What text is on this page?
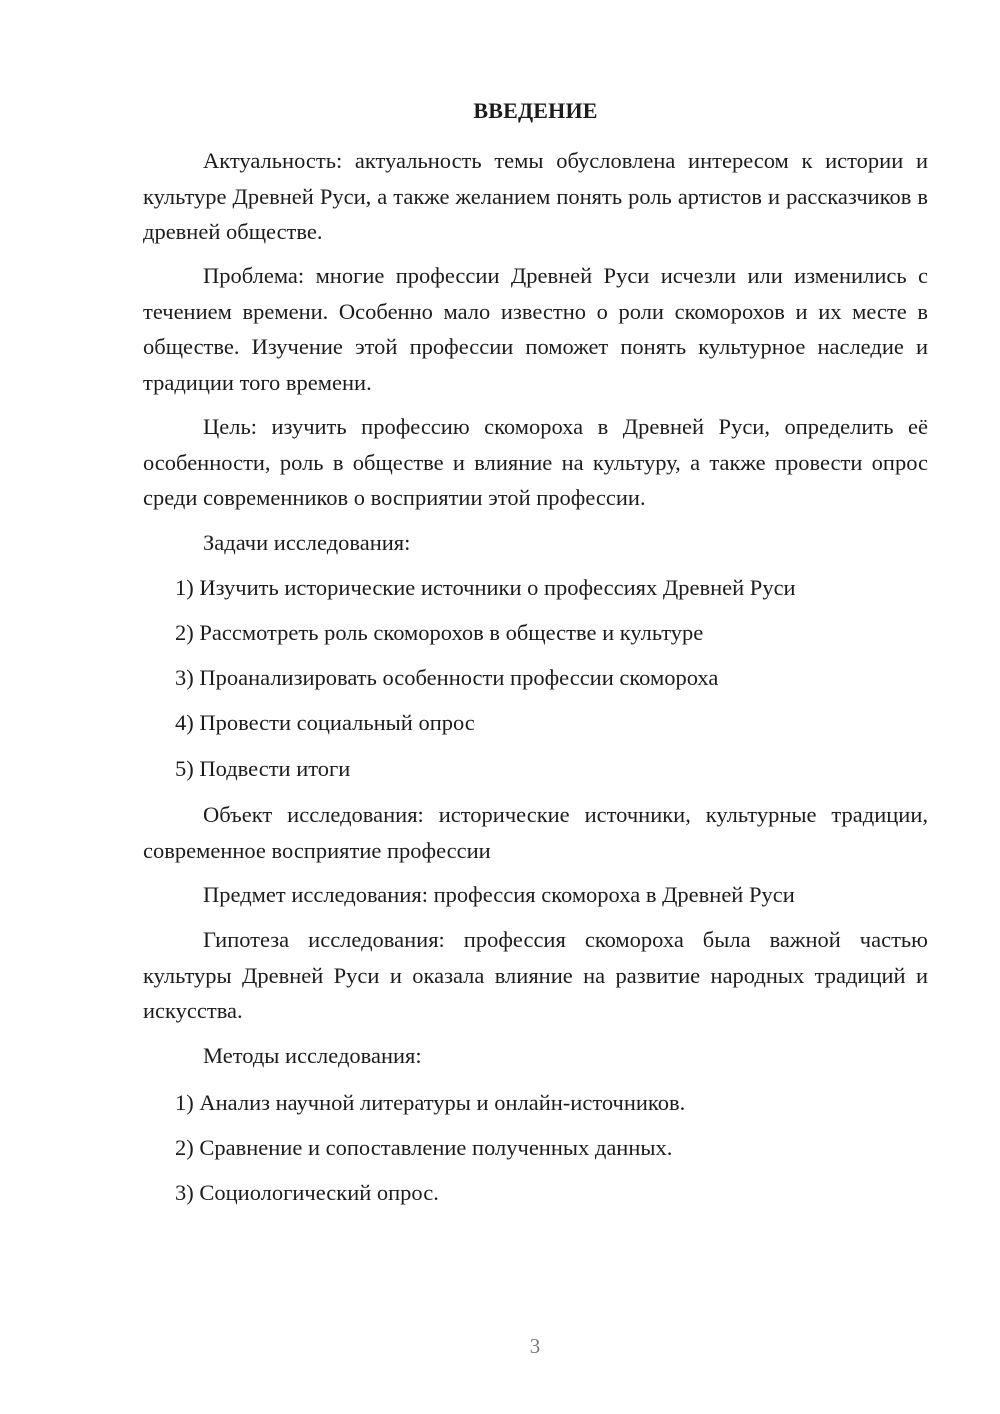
ВВЕДЕНИЕ

Актуальность: актуальность темы обусловлена интересом к истории и культуре Древней Руси, а также желанием понять роль артистов и рассказчиков в древней обществе.

Проблема: многие профессии Древней Руси исчезли или изменились с течением времени. Особенно мало известно о роли скоморохов и их месте в обществе. Изучение этой профессии поможет понять культурное наследие и традиции того времени.

Цель: изучить профессию скомороха в Древней Руси, определить её особенности, роль в обществе и влияние на культуру, а также провести опрос среди современников о восприятии этой профессии.

Задачи исследования:

1) Изучить исторические источники о профессиях Древней Руси

2) Рассмотреть роль скоморохов в обществе и культуре

3) Проанализировать особенности профессии скомороха

4) Провести социальный опрос

5) Подвести итоги

Объект исследования: исторические источники, культурные традиции, современное восприятие профессии

Предмет исследования: профессия скомороха в Древней Руси

Гипотеза исследования: профессия скомороха была важной частью культуры Древней Руси и оказала влияние на развитие народных традиций и искусства.

Методы исследования:

1) Анализ научной литературы и онлайн-источников.

2) Сравнение и сопоставление полученных данных.

3) Социологический опрос.

3
